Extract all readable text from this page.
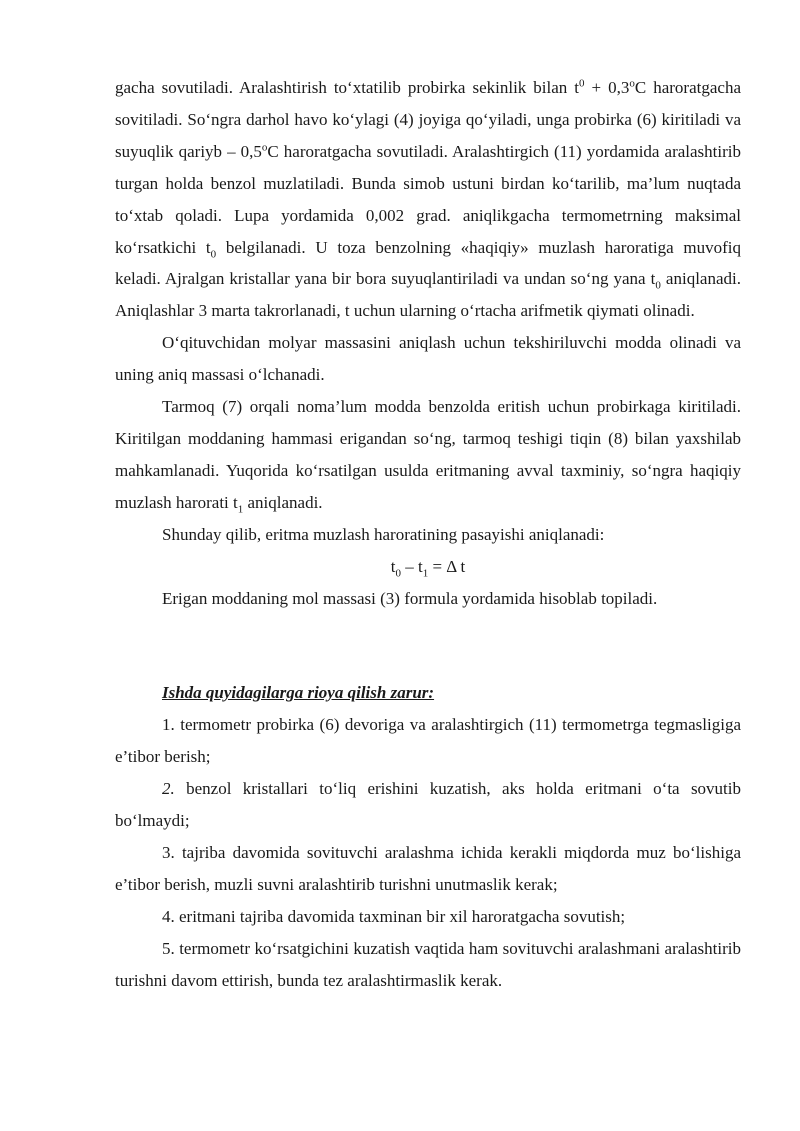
gacha sovutiladi. Aralashtirish to‘xtatilib probirka sekinlik bilan $t^0 + 0,3^oC$ haroratgacha sovitiladi. So‘ngra darhol havo ko‘ylagi (4) joyiga qo‘yiladi, unga probirka (6) kiritiladi va suyuqlik qariyb – 0,5$^o$C haroratgacha sovutiladi. Aralashtirgich (11) yordamida aralashtirib turgan holda benzol muzlatiladi. Bunda simob ustuni birdan ko‘tarilib, ma’lum nuqtada to‘xtab qoladi. Lupa yordamida 0,002 grad. aniqlikgacha termometrning maksimal ko‘rsatkichi $t_0$ belgilanadi. U toza benzolning «haqiqiy» muzlash haroratiga muvofiq keladi. Ajralgan kristallar yana bir bora suyuqlantiriladi va undan so‘ng yana $t_0$ aniqlanadi. Aniqlashlar 3 marta takrorlanadi, t uchun ularning o‘rtacha arifmetik qiymati olinadi.

O‘qituvchidan molyar massasini aniqlash uchun tekshiriluvchi modda olinadi va uning aniq massasi o‘lchanadi.

Tarmoq (7) orqali noma’lum modda benzolda eritish uchun probirkaga kiritiladi. Kiritilgan moddaning hammasi erigandan so‘ng, tarmoq teshigi tiqin (8) bilan yaxshilab mahkamlanadi. Yuqorida ko‘rsatilgan usulda eritmaning avval taxminiy, so‘ngra haqiqiy muzlash harorati $t_1$ aniqlanadi.

Shunday qilib, eritma muzlash haroratining pasayishi aniqlanadi:

$t_0 - t_1 = \Delta$ t

Erigan moddaning mol massasi (3) formula yordamida hisoblab topiladi.

Ishda quyidagilarga rioya qilish zarur:

1. termometr probirka (6) devoriga va aralashtirgich (11) termometrga tegmasligiga e’tibor berish;

2. benzol kristallari to‘liq erishini kuzatish, aks holda eritmani o‘ta sovutib bo‘lmaydi;

3. tajriba davomida sovituvchi aralashma ichida kerakli miqdorda muz bo‘lishiga e’tibor berish, muzli suvni aralashtirib turishni unutmaslik kerak;

4. eritmani tajriba davomida taxminan bir xil haroratgacha sovutish;

5. termometr ko‘rsatgichini kuzatish vaqtida ham sovituvchi aralashmani aralashtirib turishni davom ettirish, bunda tez aralashtirmaslik kerak.
